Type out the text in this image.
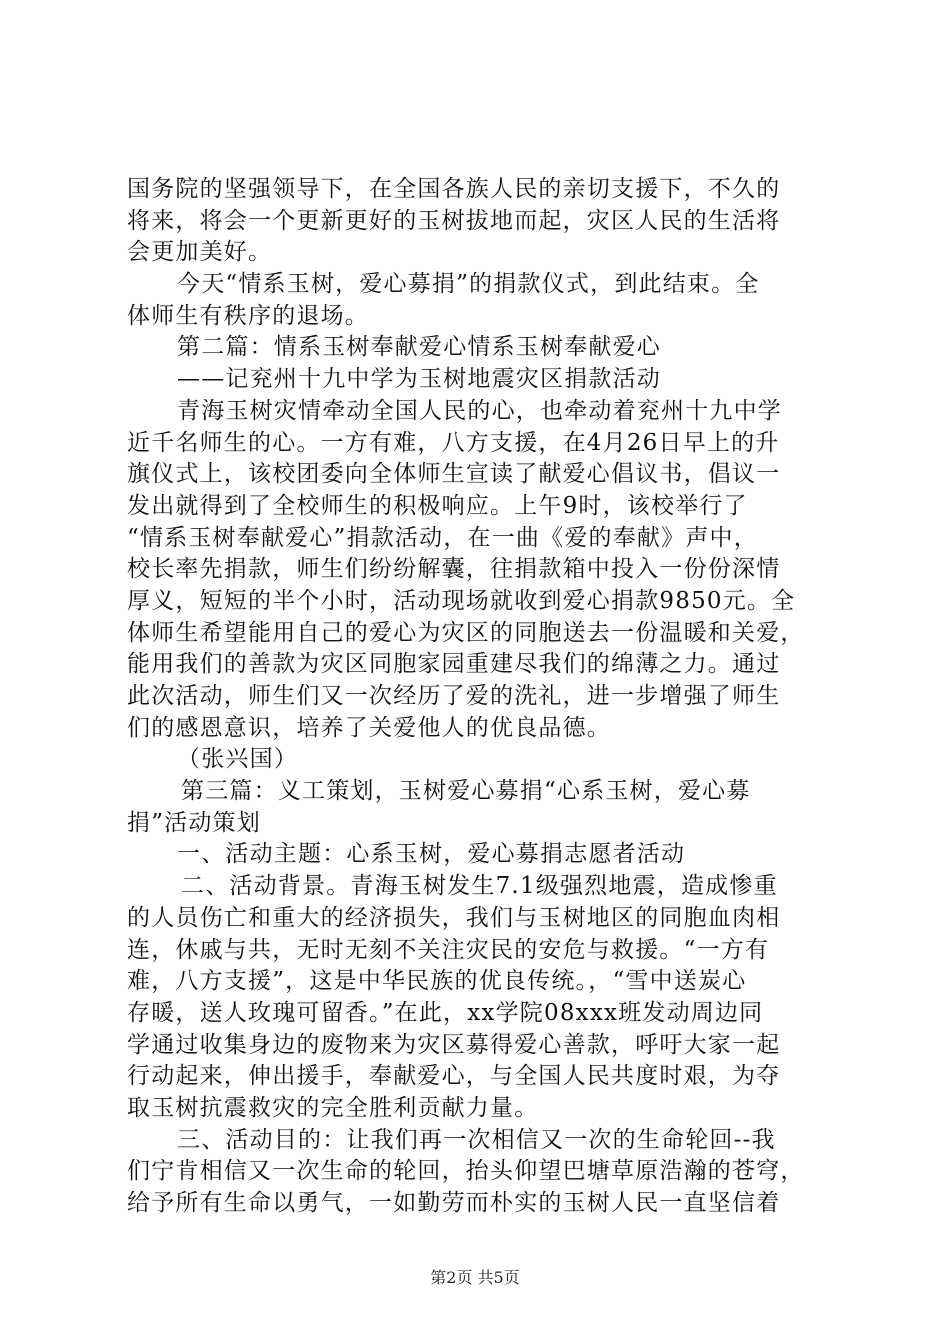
国务院的坚强领导下，在全国各族人民的亲切支援下，不久的
将来，将会一个更新更好的玉树拔地而起，灾区人民的生活将
会更加美好。
今天“情系玉树，爱心募捐”的捐款仪式，到此结束。全
体师生有秩序的退场。
第二篇：情系玉树奉献爱心情系玉树奉献爱心
——记兖州十九中学为玉树地震灾区捐款活动
青海玉树灾情牵动全国人民的心，也牵动着兖州十九中学
近千名师生的心。一方有难，八方支援，在4月26日早上的升
旗仪式上，该校团委向全体师生宣读了献爱心倡议书，倡议一
发出就得到了全校师生的积极响应。上午9时，该校举行了
“情系玉树奉献爱心”捐款活动，在一曲《爱的奉献》声中，
校长率先捐款，师生们纷纷解囊，往捐款箱中投入一份份深情
厚义，短短的半个小时，活动现场就收到爱心捐款9850元。全
体师生希望能用自己的爱心为灾区的同胞送去一份温暖和关爱，
能用我们的善款为灾区同胞家园重建尽我们的绵薄之力。通过
此次活动，师生们又一次经历了爱的洗礼，进一步增强了师生
们的感恩意识，培养了关爱他人的优良品德。
（张兴国）
第三篇：义工策划，玉树爱心募捐“心系玉树，爱心募
捐”活动策划
一、活动主题：心系玉树，爱心募捐志愿者活动
二、活动背景。青海玉树发生7.1级强烈地震，造成惨重
的人员伤亡和重大的经济损失，我们与玉树地区的同胞血肉相
连，休戚与共，无时无刻不关注灾民的安危与救援。“一方有
难，八方支援”，这是中华民族的优良传统。，“雪中送炭心
存暖，送人玫瑰可留香。”在此，xx学院08xxx班发动周边同
学通过收集身边的废物来为灾区募得爱心善款，呼吁大家一起
行动起来，伸出援手，奉献爱心，与全国人民共度时艰，为夺
取玉树抗震救灾的完全胜利贡献力量。
三、活动目的：让我们再一次相信又一次的生命轮回--我
们宁肯相信又一次生命的轮回，抬头仰望巴塘草原浩瀚的苍穹，
给予所有生命以勇气，一如勤劳而朴实的玉树人民一直坚信着
第2页 共5页
